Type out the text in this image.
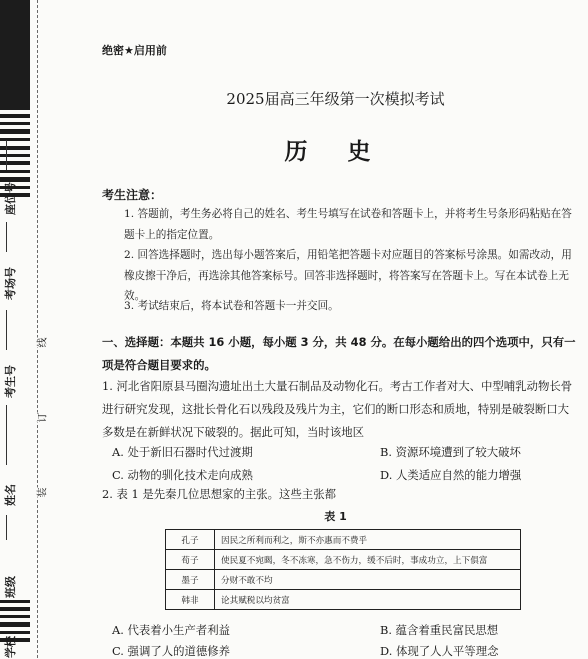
座位号
考场号
考生号
姓名
班级
学校
线
订
装
绝密★启用前
2025届高三年级第一次模拟考试
历 史
考生注意：
1. 答题前，考生务必将自己的姓名、考生号填写在试卷和答题卡上，并将考生号条形码粘贴在答题卡上的指定位置。
2. 回答选择题时，选出每小题答案后，用铅笔把答题卡对应题目的答案标号涂黑。如需改动，用橡皮擦干净后，再选涂其他答案标号。回答非选择题时，将答案写在答题卡上。写在本试卷上无效。
3. 考试结束后，将本试卷和答题卡一并交回。
一、选择题：本题共 16 小题，每小题 3 分，共 48 分。在每小题给出的四个选项中，只有一项是符合题目要求的。
1. 河北省阳原县马圈沟遗址出土大量石制品及动物化石。考古工作者对大、中型哺乳动物长骨进行研究发现，这批长骨化石以残段及残片为主，它们的断口形态和质地，特别是破裂断口大多数是在新鲜状况下破裂的。据此可知，当时该地区
A. 处于新旧石器时代过渡期	B. 资源环境遭到了较大破坏
C. 动物的驯化技术走向成熟	D. 人类适应自然的能力增强
2. 表 1 是先秦几位思想家的主张。这些主张都
表 1
孔子	因民之所利而利之，斯不亦惠而不费乎
荀子	使民夏不宛暍，冬不冻寒，急不伤力，缓不后时，事成功立，上下俱富
墨子	分财不敢不均
韩非	论其赋税以均贫富
A. 代表着小生产者利益	B. 蕴含着重民富民思想
C. 强调了人的道德修养	D. 体现了人人平等理念
